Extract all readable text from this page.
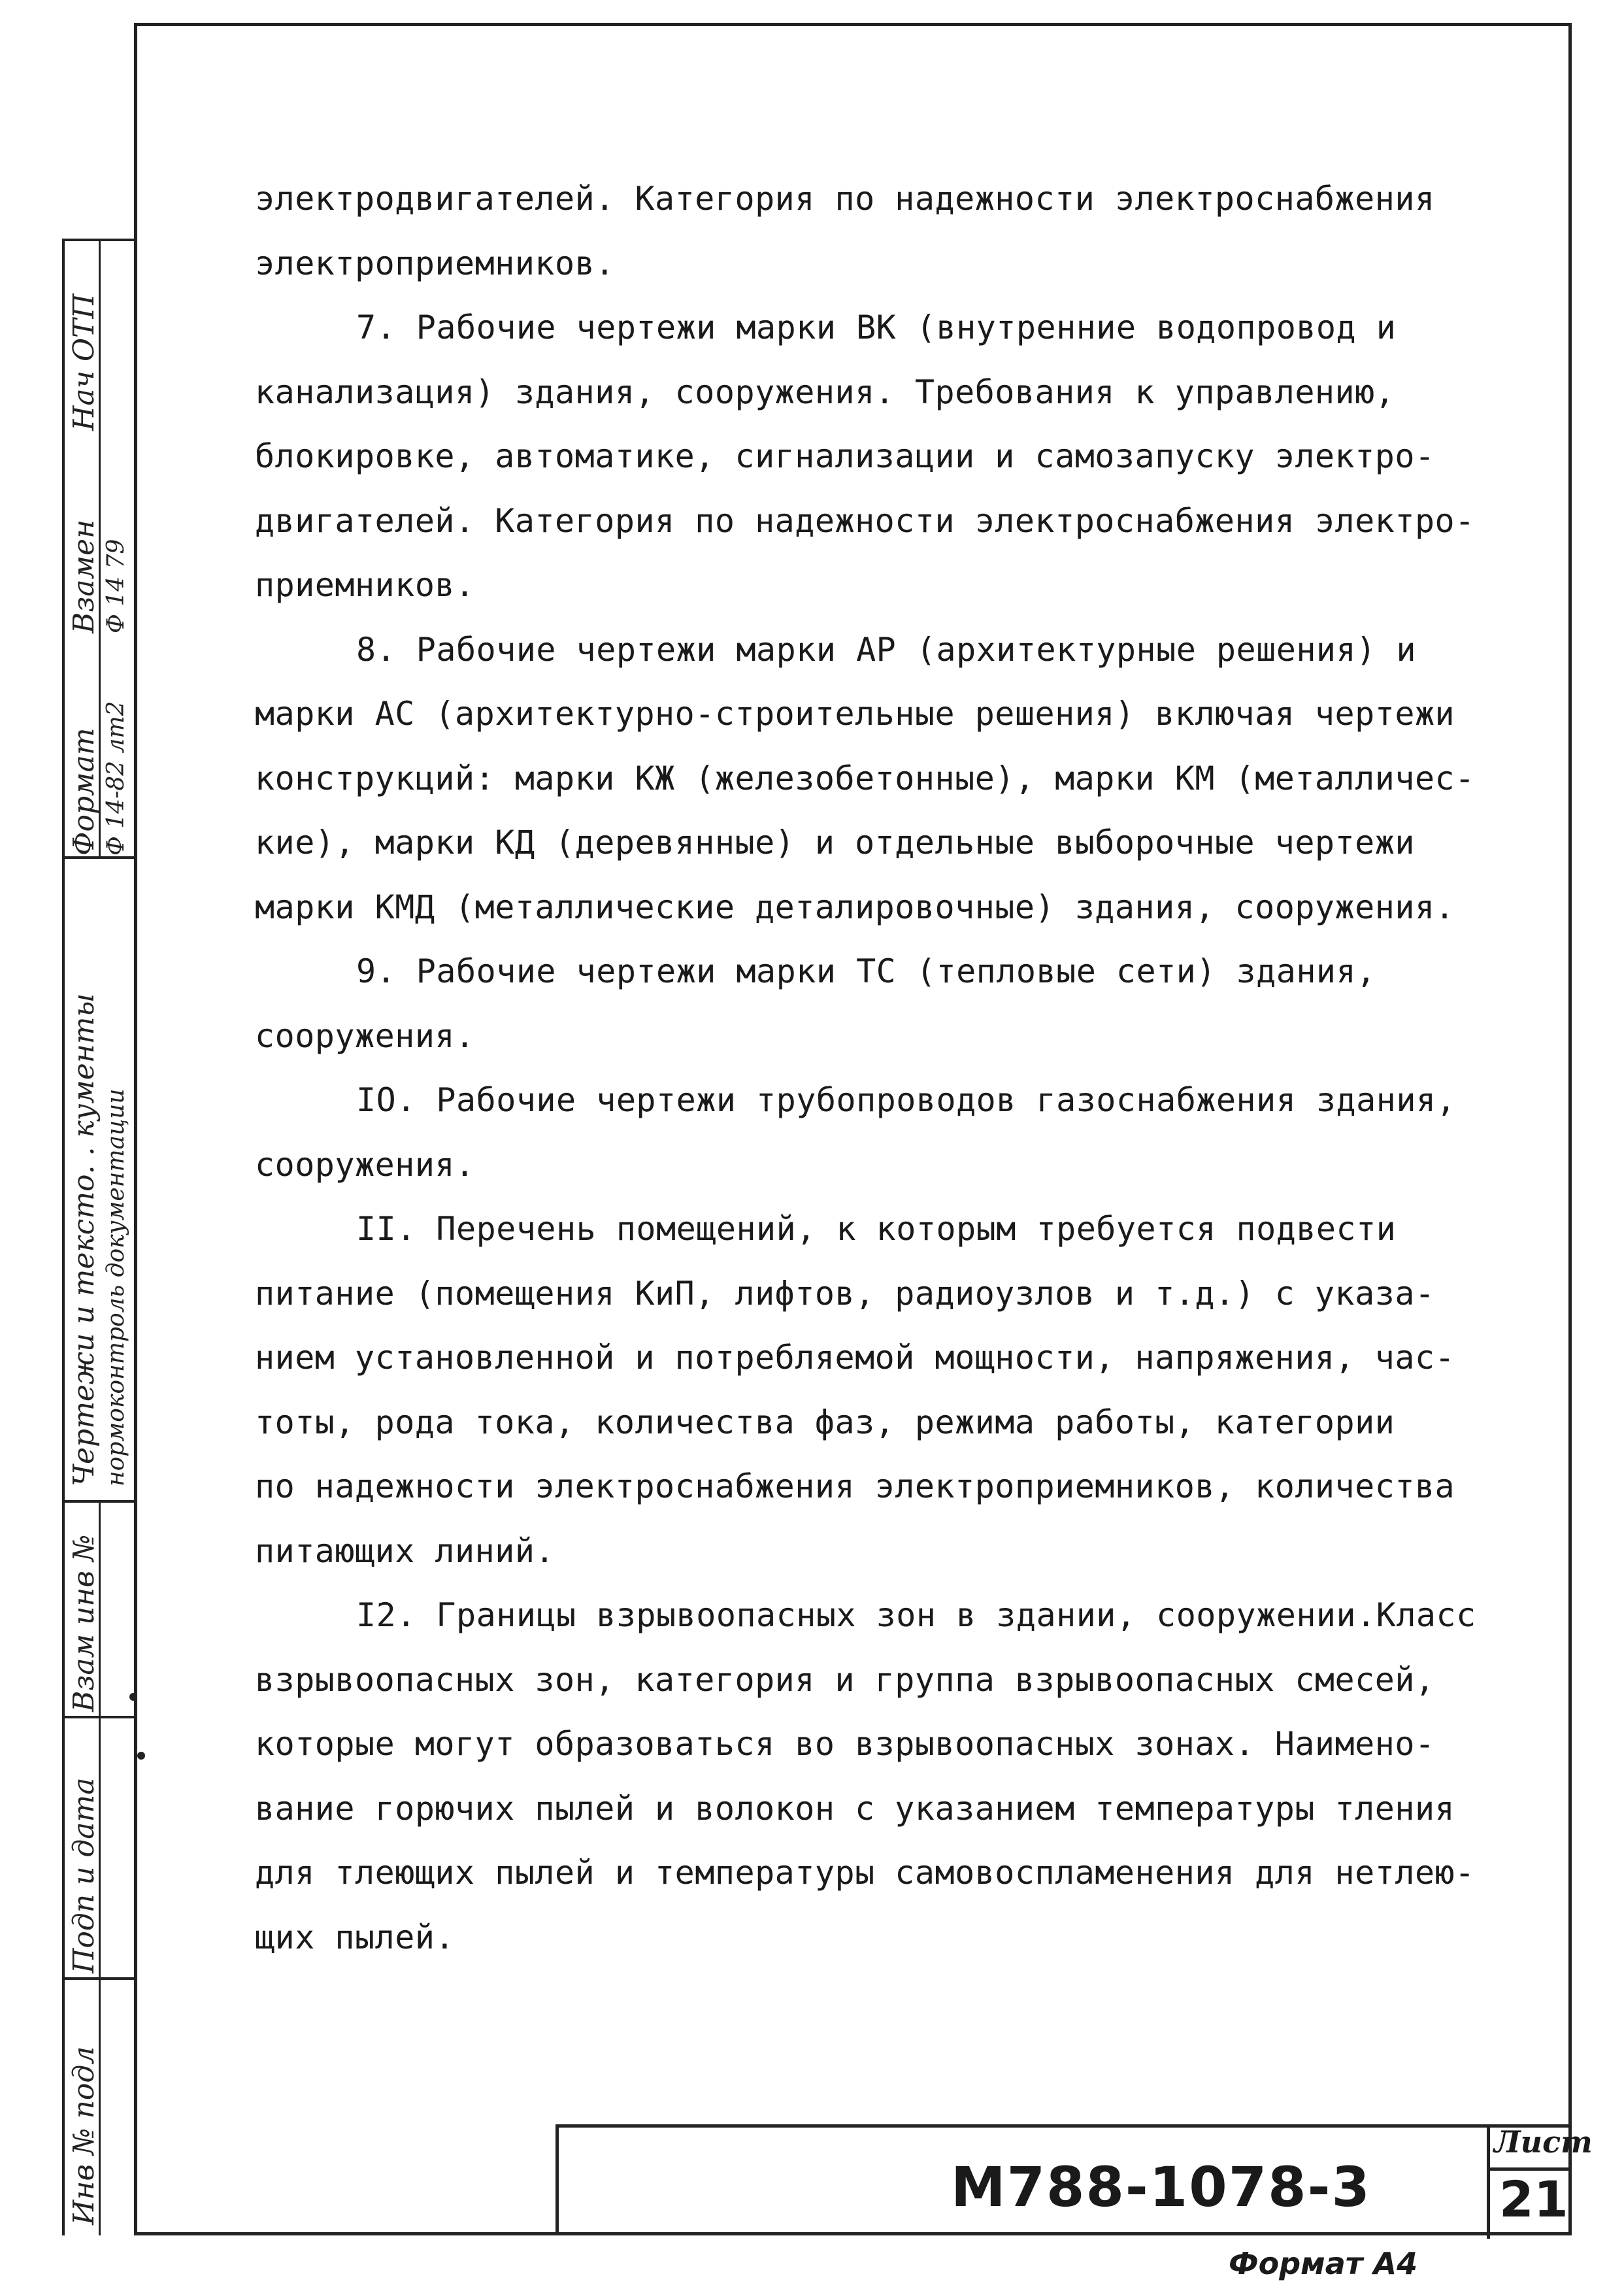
Формат Ф 14-82 лт2
Взамен Ф 14 79
Нач ОТП
Чертежи и тексто. . кументы нормоконтроль документации
Взам инв №
Подп и дата
Инв № подл

электродвигателей. Категория по надежности электроснабжения

электроприемников.

7. Рабочие чертежи марки ВК (внутренние водопровод и

канализация) здания, сооружения. Требования к управлению,

блокировке, автоматике, сигнализации и самозапуску электро-

двигателей. Категория по надежности электроснабжения электро-

приемников.

8. Рабочие чертежи марки АР (архитектурные решения) и

марки АС (архитектурно-строительные решения) включая чертежи

конструкций: марки КЖ (железобетонные), марки КМ (металличес-

кие), марки КД (деревянные) и отдельные выборочные чертежи

марки КМД (металлические деталировочные) здания, сооружения.

9. Рабочие чертежи марки ТС (тепловые сети) здания,

сооружения.

IO. Рабочие чертежи трубопроводов газоснабжения здания,

сооружения.

II. Перечень помещений, к которым требуется подвести

питание (помещения КиП, лифтов, радиоузлов и т.д.) с указа-

нием установленной и потребляемой мощности, напряжения, час-

тоты, рода тока, количества фаз, режима работы, категории

по надежности электроснабжения электроприемников, количества

питающих линий.

I2. Границы взрывоопасных зон в здании, сооружении.Класс

взрывоопасных зон, категория и группа взрывоопасных смесей,

которые могут образоваться во взрывоопасных зонах. Наимено-

вание горючих пылей и волокон с указанием температуры тления

для тлеющих пылей и температуры самовоспламенения для нетлею-

щих пылей.

М788-1078-3
Лист
21
Формат А4
